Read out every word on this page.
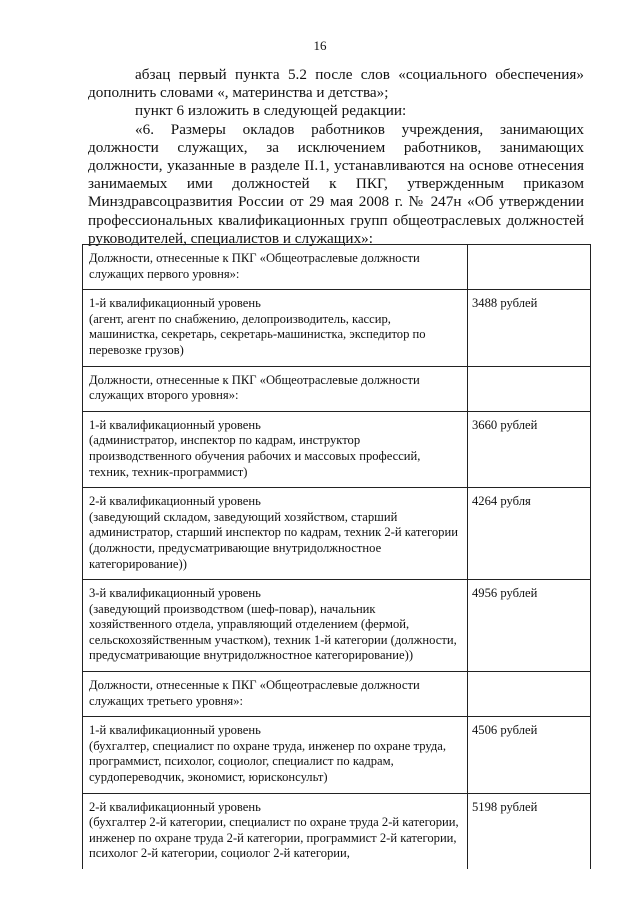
16

абзац первый пункта 5.2 после слов «социального обеспечения» дополнить словами «, материнства и детства»;

пункт 6 изложить в следующей редакции:

«6. Размеры окладов работников учреждения, занимающих должности служащих, за исключением работников, занимающих должности, указанные в разделе II.1, устанавливаются на основе отнесения занимаемых ими должностей к ПКГ, утвержденным приказом Минздравсоцразвития России от 29 мая 2008 г. № 247н «Об утверждении профессиональных квалификационных групп общеотраслевых должностей руководителей, специалистов и служащих»:

Должности, отнесенные к ПКГ «Общеотраслевые должности служащих первого уровня»:	

1-й квалификационный уровень
(агент, агент по снабжению, делопроизводитель, кассир, машинистка, секретарь, секретарь-машинистка, экспедитор по перевозке грузов)	3488 рублей

Должности, отнесенные к ПКГ «Общеотраслевые должности служащих второго уровня»:	

1-й квалификационный уровень
(администратор, инспектор по кадрам, инструктор производственного обучения рабочих и массовых профессий, техник, техник-программист)	3660 рублей

2-й квалификационный уровень
(заведующий складом, заведующий хозяйством, старший администратор, старший инспектор по кадрам, техник 2-й категории (должности, предусматривающие внутридолжностное категорирование))	4264 рубля

3-й квалификационный уровень
(заведующий производством (шеф-повар), начальник хозяйственного отдела, управляющий отделением (фермой, сельскохозяйственным участком), техник 1-й категории (должности, предусматривающие внутридолжностное категорирование))	4956 рублей

Должности, отнесенные к ПКГ «Общеотраслевые должности служащих третьего уровня»:	

1-й квалификационный уровень
(бухгалтер, специалист по охране труда, инженер по охране труда, программист, психолог, социолог, специалист по кадрам, сурдопереводчик, экономист, юрисконсульт)	4506 рублей

2-й квалификационный уровень
(бухгалтер 2-й категории, специалист по охране труда 2-й категории, инженер по охране труда 2-й категории, программист 2-й категории, психолог 2-й категории, социолог 2-й категории,	5198 рублей
